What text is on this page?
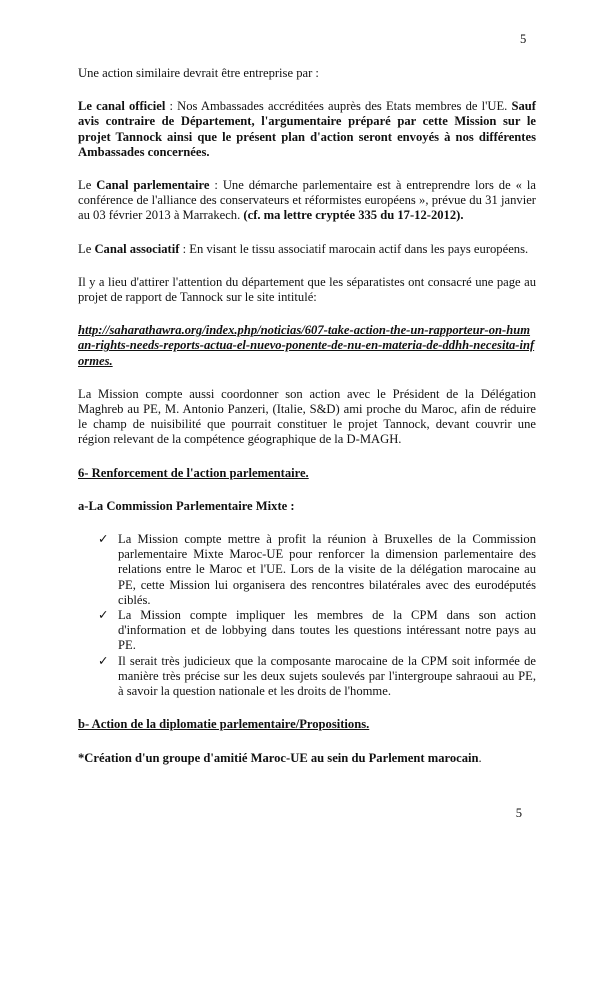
5

Une action similaire devrait être entreprise par :

Le canal officiel : Nos Ambassades accréditées auprès des Etats membres de l'UE. Sauf avis contraire de Département, l'argumentaire préparé par cette Mission sur le projet Tannock ainsi que le présent plan d'action seront envoyés à nos différentes Ambassades concernées.

Le Canal parlementaire : Une démarche parlementaire est à entreprendre lors de « la conférence de l'alliance des conservateurs et réformistes européens », prévue du 31 janvier au 03 février 2013 à Marrakech. (cf. ma lettre cryptée 335 du 17-12-2012).

Le Canal associatif : En visant le tissu associatif marocain actif dans les pays européens.

Il y a lieu d'attirer l'attention du département que les séparatistes ont consacré une page au projet de rapport de Tannock sur le site intitulé:

http://saharathawra.org/index.php/noticias/607-take-action-the-un-rapporteur-on-human-rights-needs-reports-actua-el-nuevo-ponente-de-nu-en-materia-de-ddhh-necesita-informes.

La Mission compte aussi coordonner son action avec le Président de la Délégation Maghreb au PE, M. Antonio Panzeri, (Italie, S&D) ami proche du Maroc, afin de réduire le champ de nuisibilité que pourrait constituer le projet Tannock, devant couvrir une région relevant de la compétence géographique de la D-MAGH.

6- Renforcement de l'action parlementaire.

a-La Commission Parlementaire Mixte :

✓ La Mission compte mettre à profit la réunion à Bruxelles de la Commission parlementaire Mixte Maroc-UE pour renforcer la dimension parlementaire des relations entre le Maroc et l'UE. Lors de la visite de la délégation marocaine au PE, cette Mission lui organisera des rencontres bilatérales avec des eurodéputés ciblés.
✓ La Mission compte impliquer les membres de la CPM dans son action d'information et de lobbying dans toutes les questions intéressant notre pays au PE.
✓ Il serait très judicieux que la composante marocaine de la CPM soit informée de manière très précise sur les deux sujets soulevés par l'intergroupe sahraoui au PE, à savoir la question nationale et les droits de l'homme.

b- Action de la diplomatie parlementaire/Propositions.

*Création d'un groupe d'amitié Maroc-UE au sein du Parlement marocain.

5
